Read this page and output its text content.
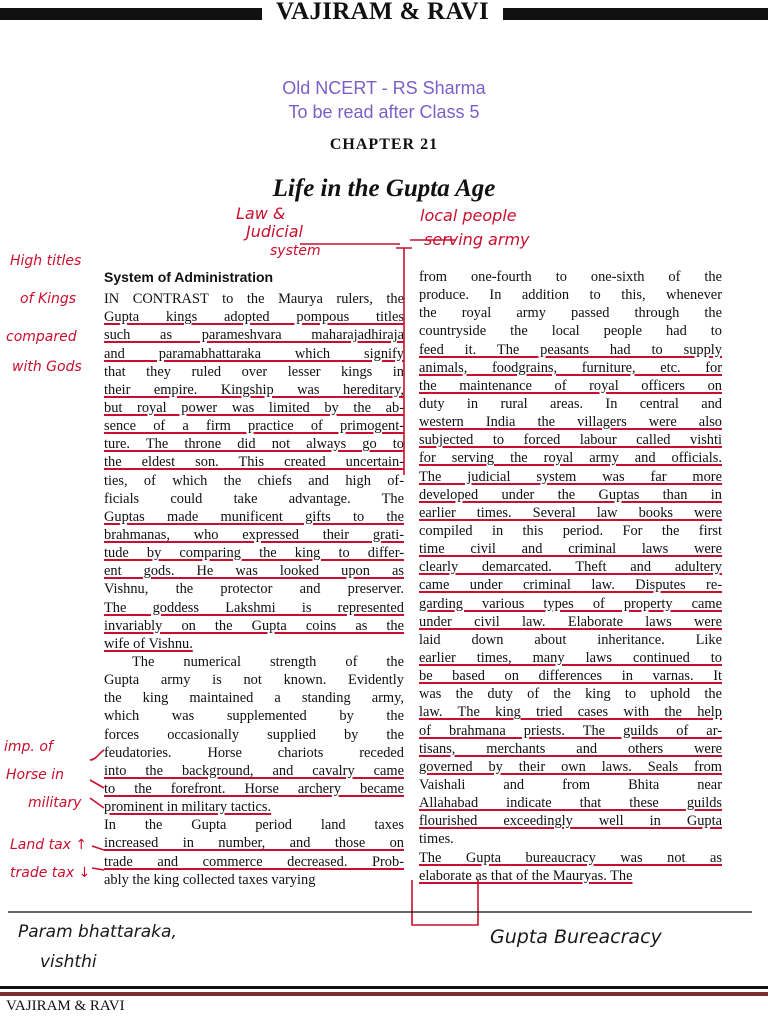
VAJIRAM & RAVI
Old NCERT - RS Sharma
To be read after Class 5
CHAPTER 21
Life in the Gupta Age
System of Administration
IN CONTRAST to the Maurya rulers, the
Gupta kings adopted pompous titles
such as parameshvara maharajadhiraja
and paramabhattaraka which signify
that they ruled over lesser kings in
their empire. Kingship was hereditary,
but royal power was limited by the ab-
sence of a firm practice of primogent-
ture. The throne did not always go to
the eldest son. This created uncertain-
ties, of which the chiefs and high of-
ficials could take advantage. The
Guptas made munificent gifts to the
brahmanas, who expressed their grati-
tude by comparing the king to differ-
ent gods. He was looked upon as
Vishnu, the protector and preserver.
The goddess Lakshmi is represented
invariably on the Gupta coins as the
wife of Vishnu.
The numerical strength of the
Gupta army is not known. Evidently
the king maintained a standing army,
which was supplemented by the
forces occasionally supplied by the
feudatories. Horse chariots receded
into the background, and cavalry came
to the forefront. Horse archery became
prominent in military tactics.
In the Gupta period land taxes
increased in number, and those on
trade and commerce decreased. Prob-
ably the king collected taxes varying
from one-fourth to one-sixth of the
produce. In addition to this, whenever
the royal army passed through the
countryside the local people had to
feed it. The peasants had to supply
animals, foodgrains, furniture, etc. for
the maintenance of royal officers on
duty in rural areas. In central and
western India the villagers were also
subjected to forced labour called vishti
for serving the royal army and officials.
The judicial system was far more
developed under the Guptas than in
earlier times. Several law books were
compiled in this period. For the first
time civil and criminal laws were
clearly demarcated. Theft and adultery
came under criminal law. Disputes re-
garding various types of property came
under civil law. Elaborate laws were
laid down about inheritance. Like
earlier times, many laws continued to
be based on differences in varnas. It
was the duty of the king to uphold the
law. The king tried cases with the help
of brahmana priests. The guilds of ar-
tisans, merchants and others were
governed by their own laws. Seals from
Vaishali and from Bhita near
Allahabad indicate that these guilds
flourished exceedingly well in Gupta
times.
The Gupta bureaucracy was not as
elaborate as that of the Mauryas. The
High titles
of Kings
compared
with Gods
imp. of
Horse in
military
Land tax ↑
trade tax ↓
Law &
Judicial
system
local people
serving army
Param bhattaraka,
vishthi
Gupta Bureacracy
VAJIRAM & RAVI
